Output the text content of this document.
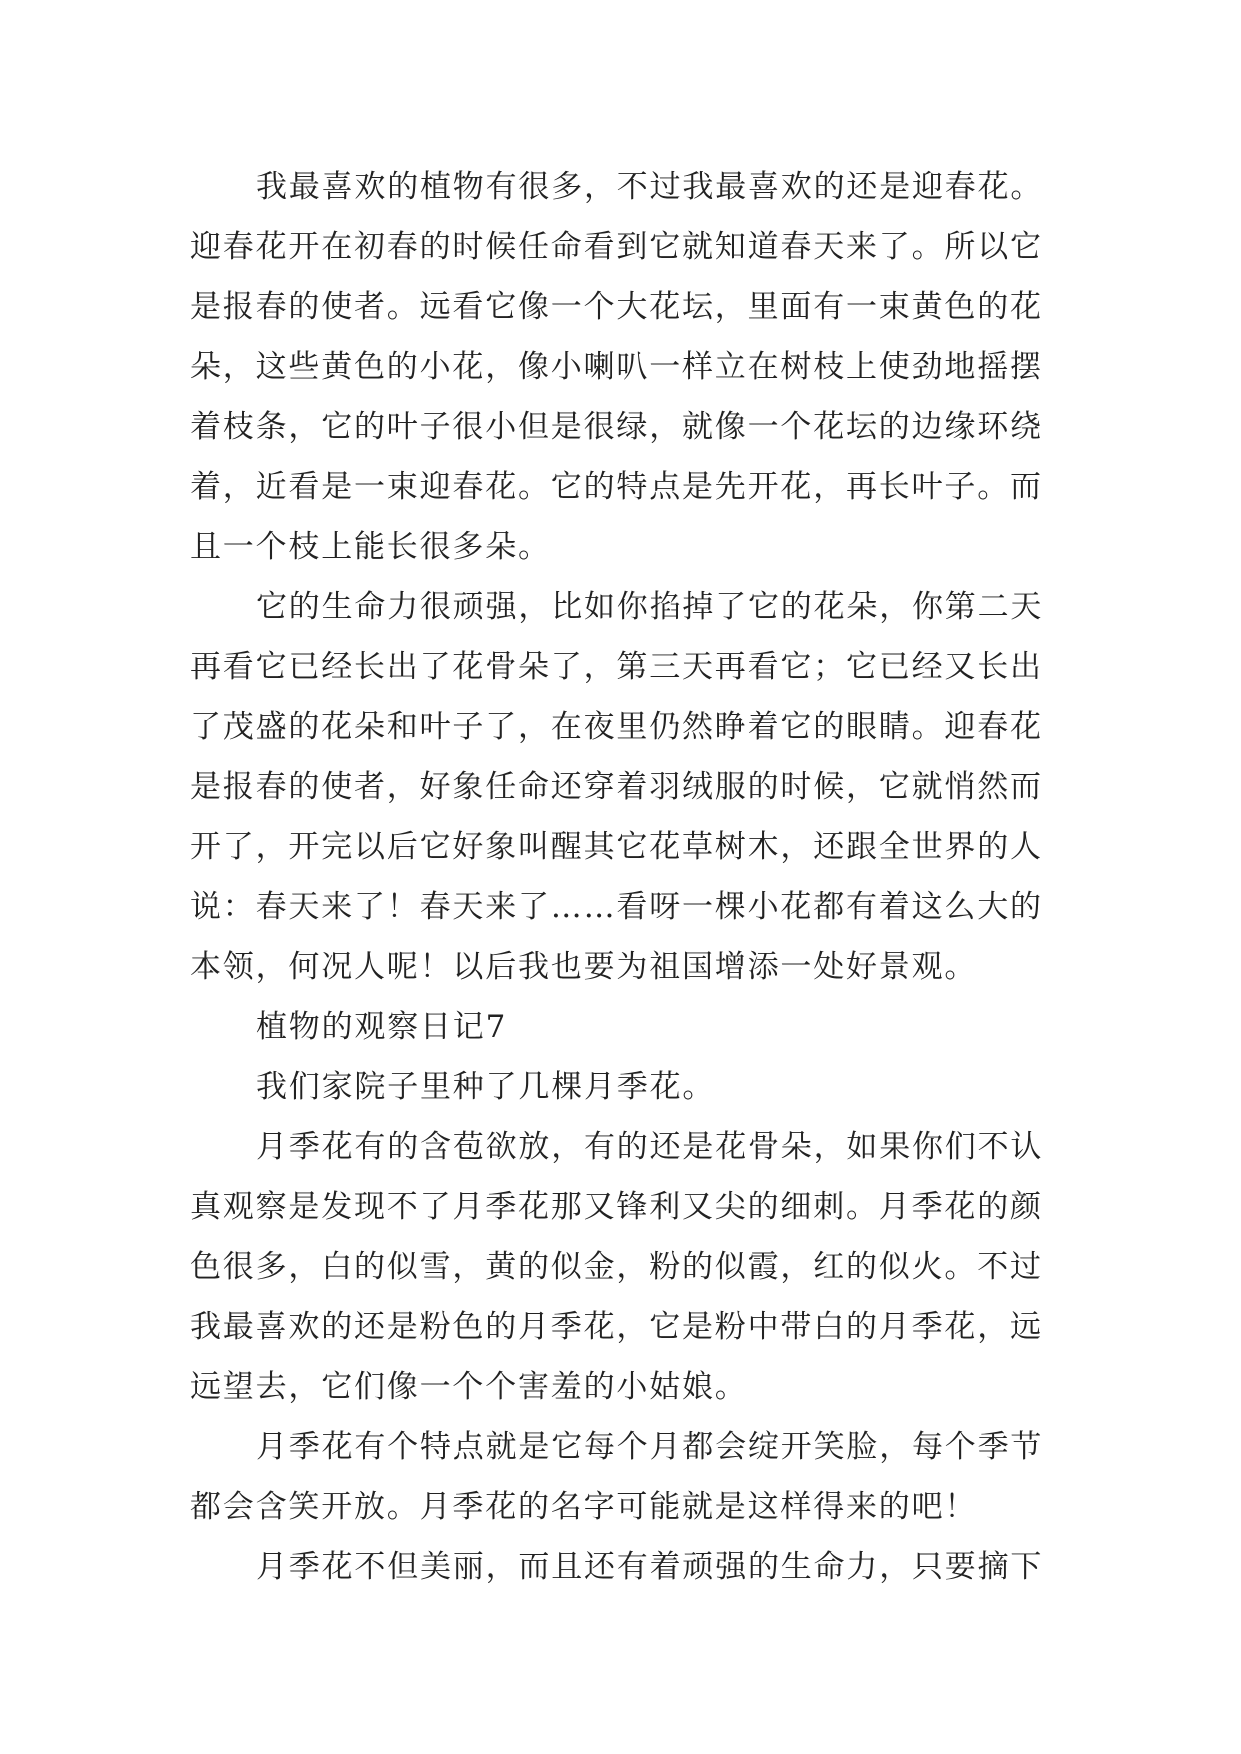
我最喜欢的植物有很多，不过我最喜欢的还是迎春花。
迎春花开在初春的时候任命看到它就知道春天来了。所以它
是报春的使者。远看它像一个大花坛，里面有一束黄色的花
朵，这些黄色的小花，像小喇叭一样立在树枝上使劲地摇摆
着枝条，它的叶子很小但是很绿，就像一个花坛的边缘环绕
着，近看是一束迎春花。它的特点是先开花，再长叶子。而
且一个枝上能长很多朵。
它的生命力很顽强，比如你掐掉了它的花朵，你第二天
再看它已经长出了花骨朵了，第三天再看它；它已经又长出
了茂盛的花朵和叶子了，在夜里仍然睁着它的眼睛。迎春花
是报春的使者，好象任命还穿着羽绒服的时候，它就悄然而
开了，开完以后它好象叫醒其它花草树木，还跟全世界的人
说：春天来了！春天来了……看呀一棵小花都有着这么大的
本领，何况人呢！以后我也要为祖国增添一处好景观。
植物的观察日记7
我们家院子里种了几棵月季花。
月季花有的含苞欲放，有的还是花骨朵，如果你们不认
真观察是发现不了月季花那又锋利又尖的细刺。月季花的颜
色很多，白的似雪，黄的似金，粉的似霞，红的似火。不过
我最喜欢的还是粉色的月季花，它是粉中带白的月季花，远
远望去，它们像一个个害羞的小姑娘。
月季花有个特点就是它每个月都会绽开笑脸，每个季节
都会含笑开放。月季花的名字可能就是这样得来的吧！
月季花不但美丽，而且还有着顽强的生命力，只要摘下
